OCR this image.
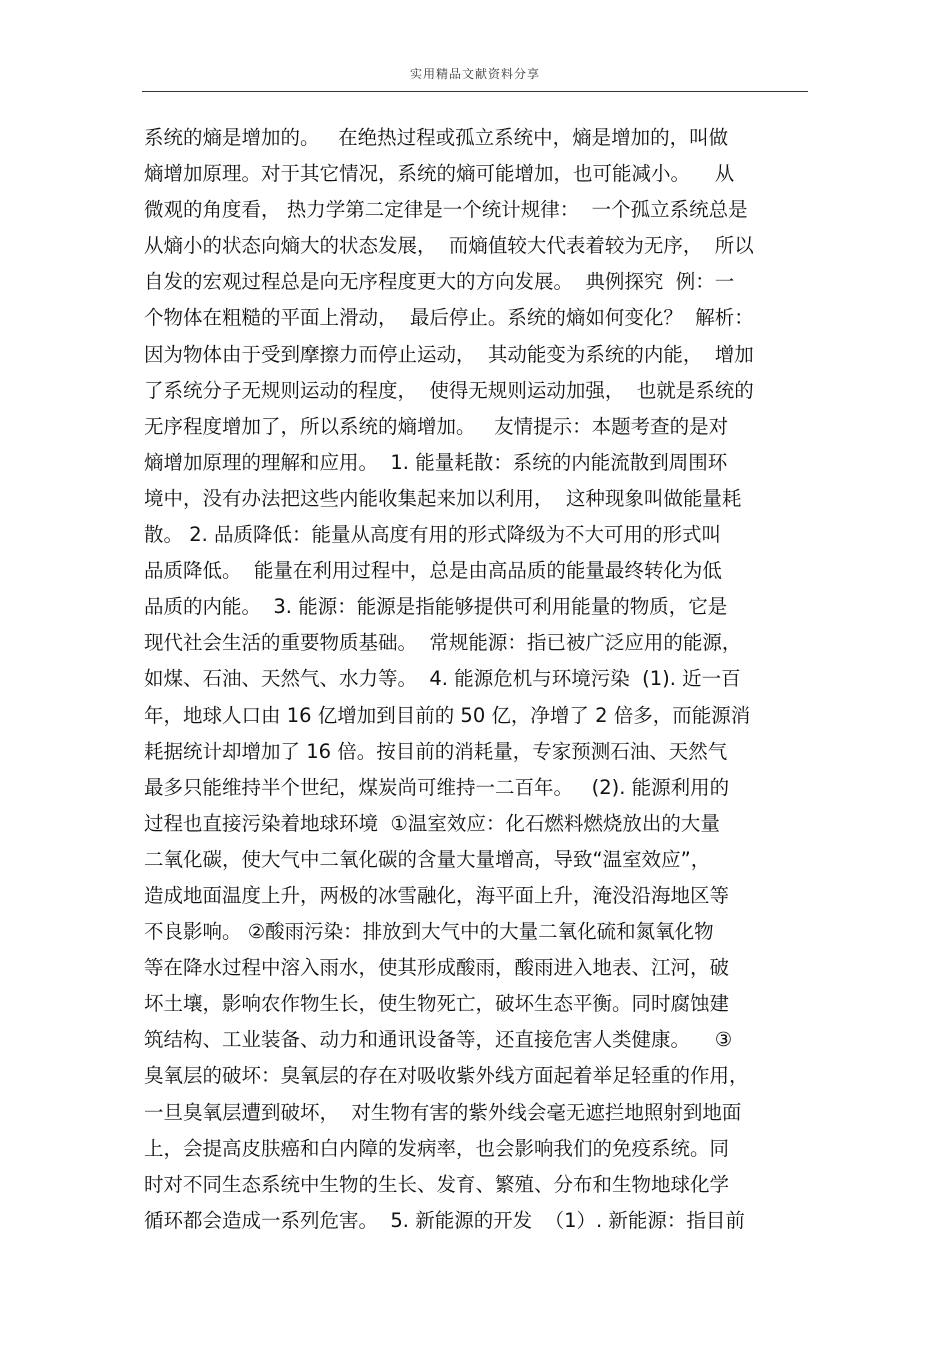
实用精品文献资料分享
系统的熵是增加的。   在绝热过程或孤立系统中，熵是增加的，叫做
熵增加原理。对于其它情况，系统的熵可能增加，也可能减小。    从
微观的角度看， 热力学第二定律是一个统计规律：  一个孤立系统总是
从熵小的状态向熵大的状态发展，  而熵值较大代表着较为无序，  所以
自发的宏观过程总是向无序程度更大的方向发展。  典例探究  例：一
个物体在粗糙的平面上滑动，  最后停止。系统的熵如何变化？  解析：
因为物体由于受到摩擦力而停止运动，  其动能变为系统的内能，  增加
了系统分子无规则运动的程度，  使得无规则运动加强，  也就是系统的
无序程度增加了，所以系统的熵增加。   友情提示：本题考查的是对
熵增加原理的理解和应用。  1. 能量耗散：系统的内能流散到周围环
境中，没有办法把这些内能收集起来加以利用，  这种现象叫做能量耗
散。 2. 品质降低：能量从高度有用的形式降级为不大可用的形式叫
品质降低。  能量在利用过程中，总是由高品质的能量最终转化为低
品质的内能。  3. 能源：能源是指能够提供可利用能量的物质，它是
现代社会生活的重要物质基础。  常规能源：指已被广泛应用的能源，
如煤、石油、天然气、水力等。  4. 能源危机与环境污染  (1). 近一百
年，地球人口由 16 亿增加到目前的 50 亿，净增了 2 倍多，而能源消
耗据统计却增加了 16 倍。按目前的消耗量，专家预测石油、天然气
最多只能维持半个世纪，煤炭尚可维持一二百年。   (2). 能源利用的
过程也直接污染着地球环境  ①温室效应：化石燃料燃烧放出的大量
二氧化碳，使大气中二氧化碳的含量大量增高，导致“温室效应”，
造成地面温度上升，两极的冰雪融化，海平面上升，淹没沿海地区等
不良影响。 ②酸雨污染：排放到大气中的大量二氧化硫和氮氧化物
等在降水过程中溶入雨水，使其形成酸雨，酸雨进入地表、江河，破
坏土壤，影响农作物生长，使生物死亡，破坏生态平衡。同时腐蚀建
筑结构、工业装备、动力和通讯设备等，还直接危害人类健康。    ③
臭氧层的破坏：臭氧层的存在对吸收紫外线方面起着举足轻重的作用，
一旦臭氧层遭到破坏，  对生物有害的紫外线会毫无遮拦地照射到地面
上，会提高皮肤癌和白内障的发病率，也会影响我们的免疫系统。同
时对不同生态系统中生物的生长、发育、繁殖、分布和生物地球化学
循环都会造成一系列危害。  5. 新能源的开发  （1）. 新能源：指目前
